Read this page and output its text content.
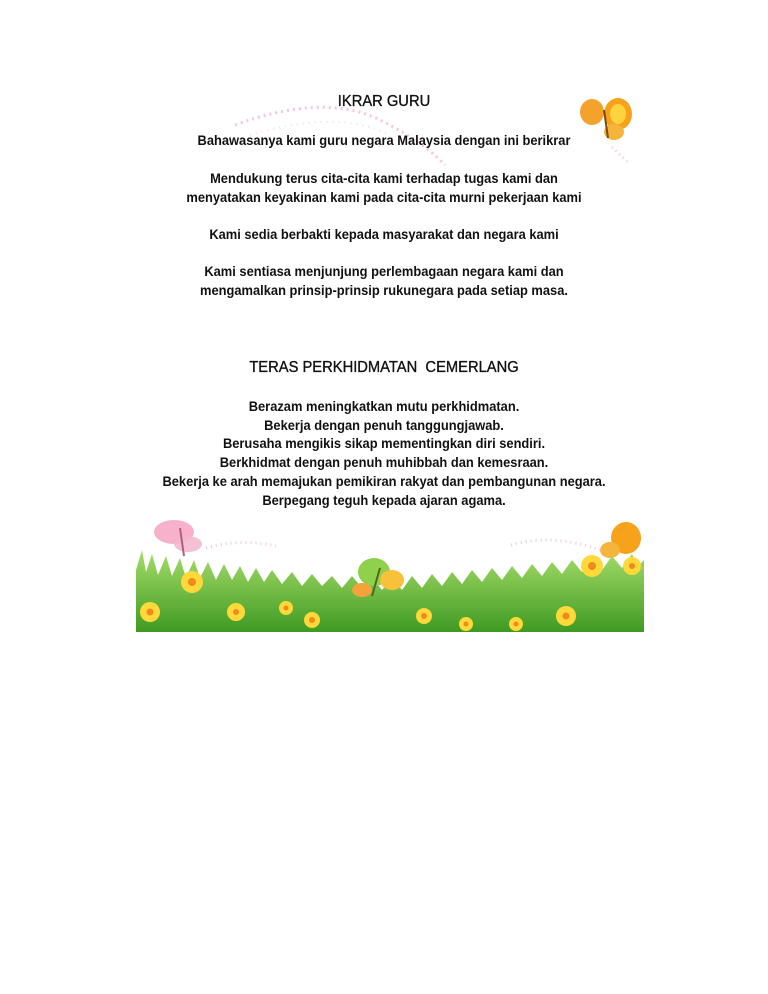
IKRAR GURU
Bahawasanya kami guru negara Malaysia dengan ini berikrar
Mendukung terus cita-cita kami terhadap tugas kami dan
menyatakan keyakinan kami pada cita-cita murni pekerjaan kami
Kami sedia berbakti kepada masyarakat dan negara kami
Kami sentiasa menjunjung perlembagaan negara kami dan
mengamalkan prinsip-prinsip rukunegara pada setiap masa.
TERAS PERKHIDMATAN  CEMERLANG
Berazam meningkatkan mutu perkhidmatan.
Bekerja dengan penuh tanggungjawab.
Berusaha mengikis sikap mementingkan diri sendiri.
Berkhidmat dengan penuh muhibbah dan kemesraan.
Bekerja ke arah memajukan pemikiran rakyat dan pembangunan negara.
Berpegang teguh kepada ajaran agama.
